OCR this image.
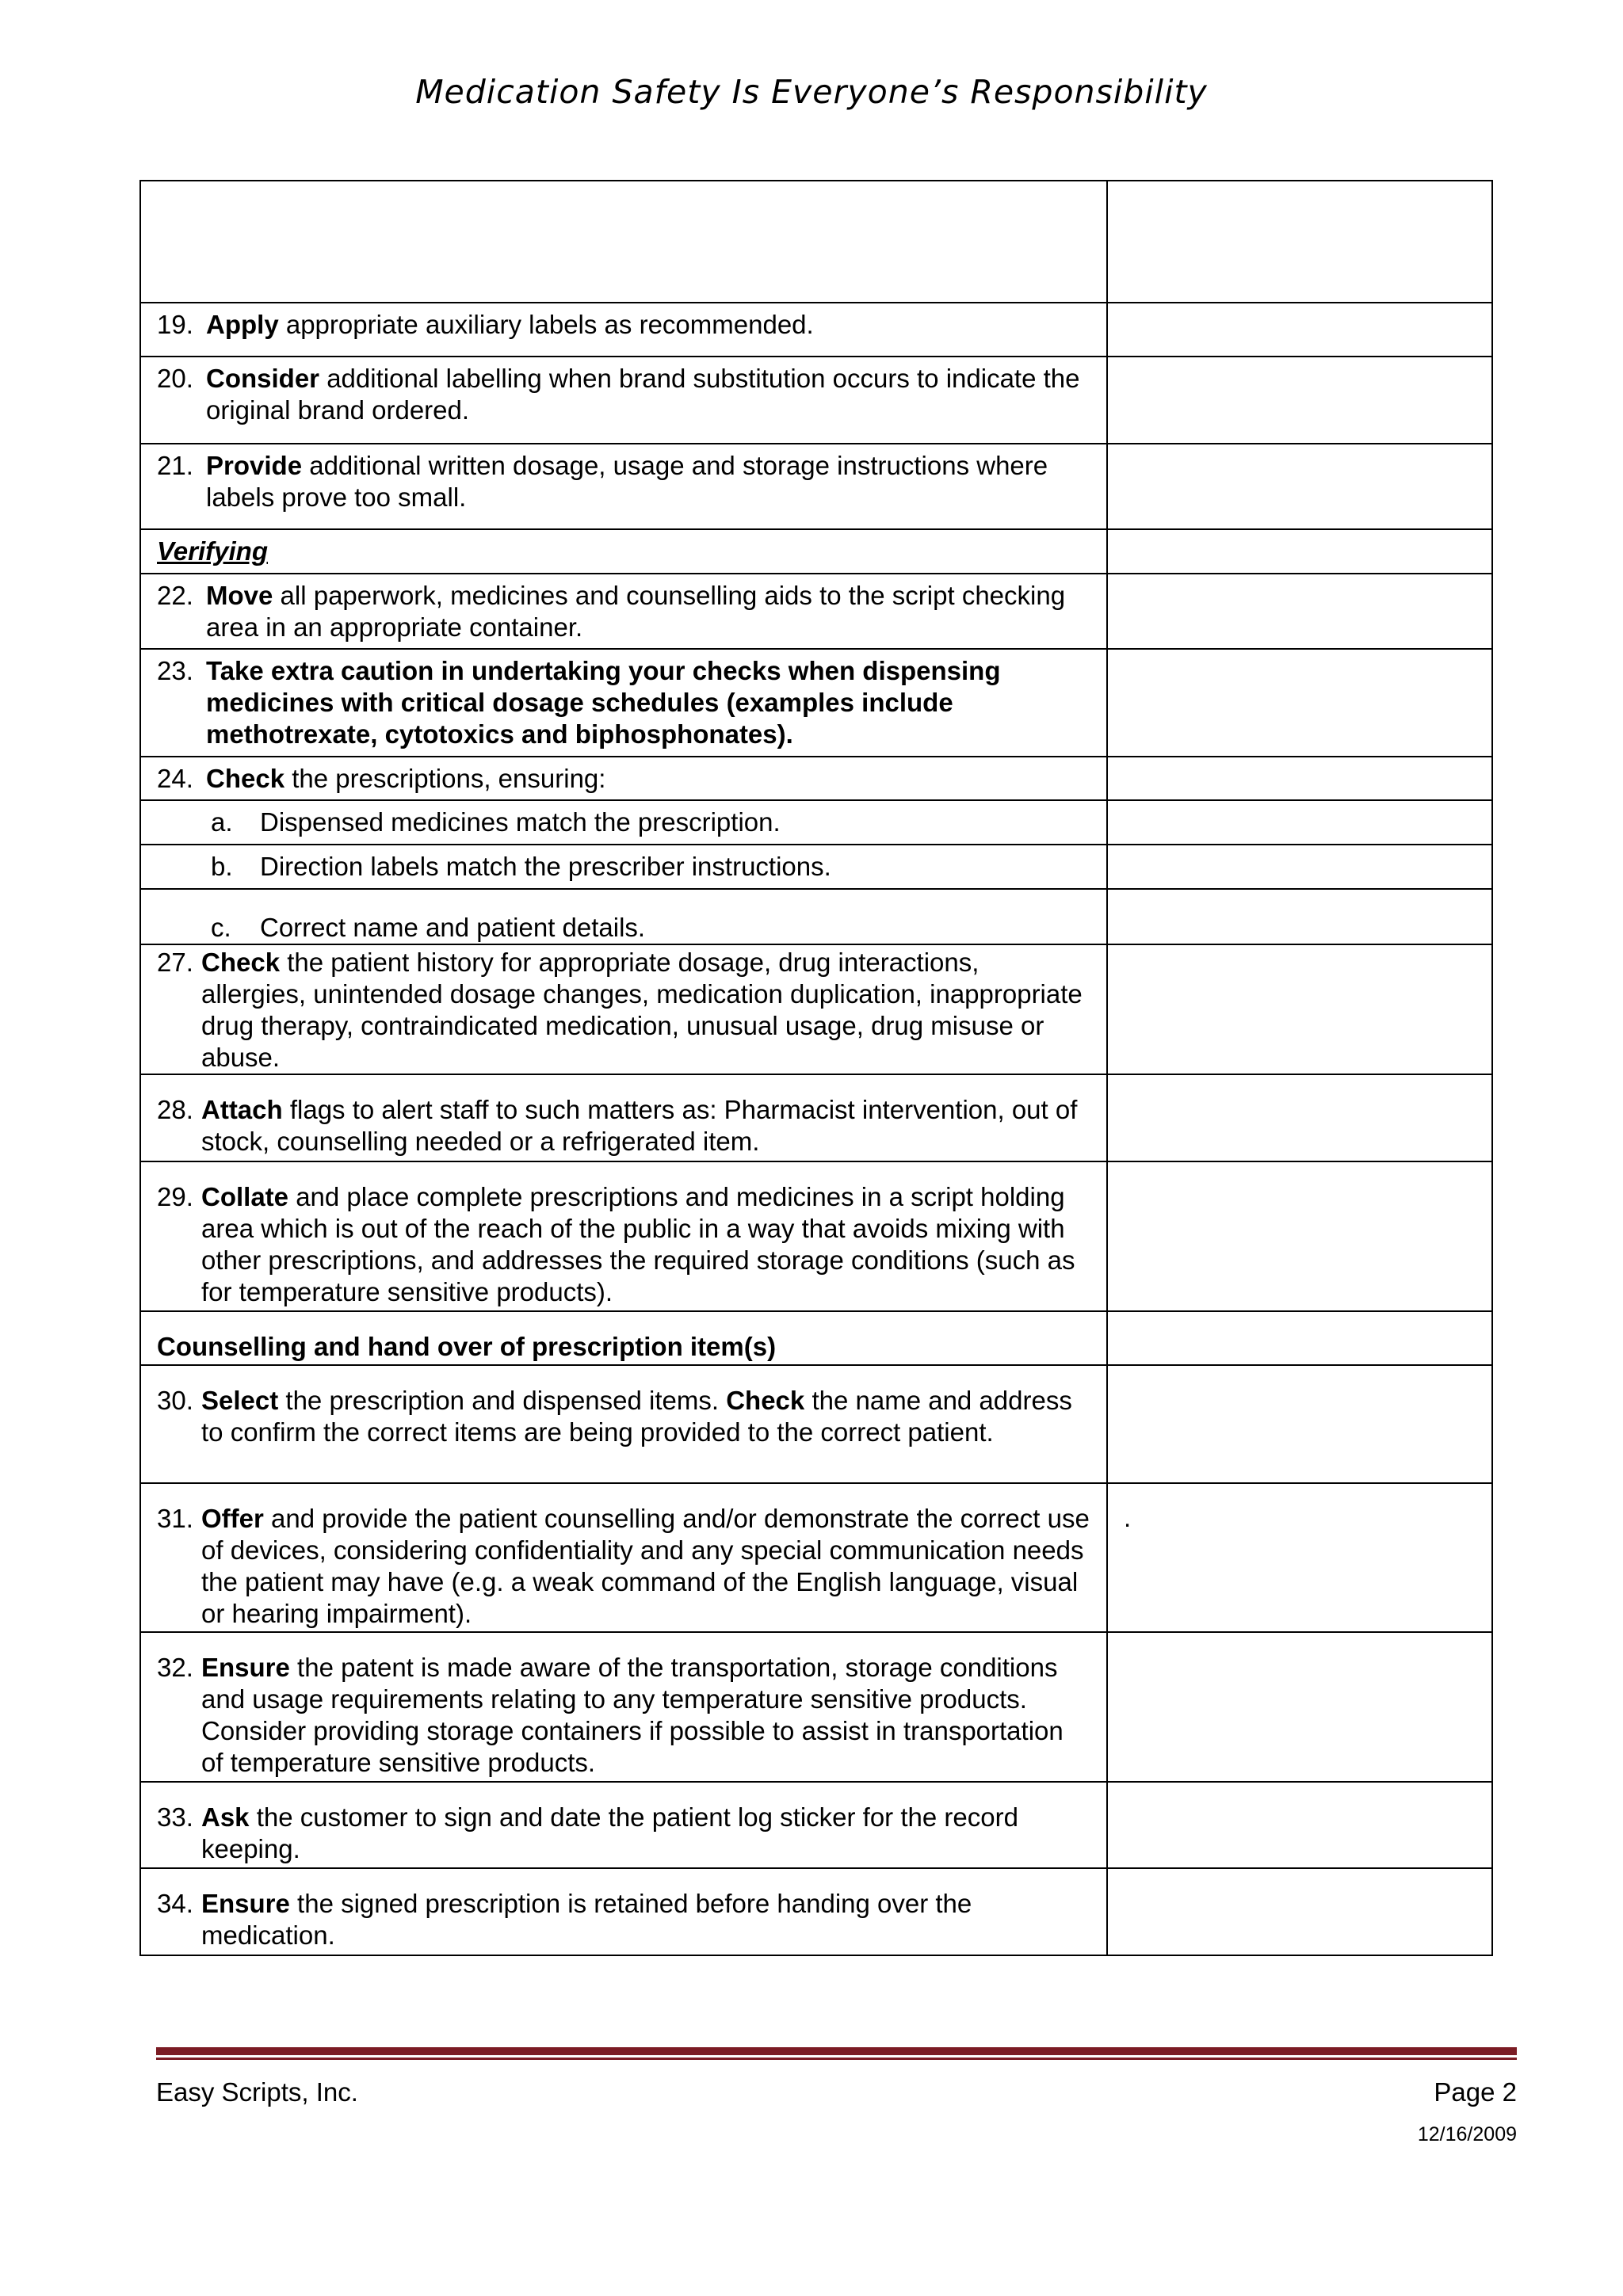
Medication Safety Is Everyone’s Responsibility

19. Apply appropriate auxiliary labels as recommended.	

20. Consider additional labelling when brand substitution occurs to indicate the original brand ordered.	

21. Provide additional written dosage, usage and storage instructions where labels prove too small.	

Verifying	

22. Move all paperwork, medicines and counselling aids to the script checking area in an appropriate container.	

23. Take extra caution in undertaking your checks when dispensing medicines with critical dosage schedules (examples include methotrexate, cytotoxics and biphosphonates).	

24. Check the prescriptions, ensuring:	

a. Dispensed medicines match the prescription.	

b. Direction labels match the prescriber instructions.	

c. Correct name and patient details.	

27. Check the patient history for appropriate dosage, drug interactions, allergies, unintended dosage changes, medication duplication, inappropriate drug therapy, contraindicated medication, unusual usage, drug misuse or abuse.	

28. Attach flags to alert staff to such matters as: Pharmacist intervention, out of stock, counselling needed or a refrigerated item.	

29. Collate and place complete prescriptions and medicines in a script holding area which is out of the reach of the public in a way that avoids mixing with other prescriptions, and addresses the required storage conditions (such as for temperature sensitive products).	

Counselling and hand over of prescription item(s)	

30. Select the prescription and dispensed items. Check the name and address to confirm the correct items are being provided to the correct patient.	

31. Offer and provide the patient counselling and/or demonstrate the correct use of devices, considering confidentiality and any special communication needs the patient may have (e.g. a weak command of the English language, visual or hearing impairment).	.

32. Ensure the patent is made aware of the transportation, storage conditions and usage requirements relating to any temperature sensitive products. Consider providing storage containers if possible to assist in transportation of temperature sensitive products.	

33. Ask the customer to sign and date the patient log sticker for the record keeping.	

34. Ensure the signed prescription is retained before handing over the medication.	

Easy Scripts, Inc.	Page 2
12/16/2009
